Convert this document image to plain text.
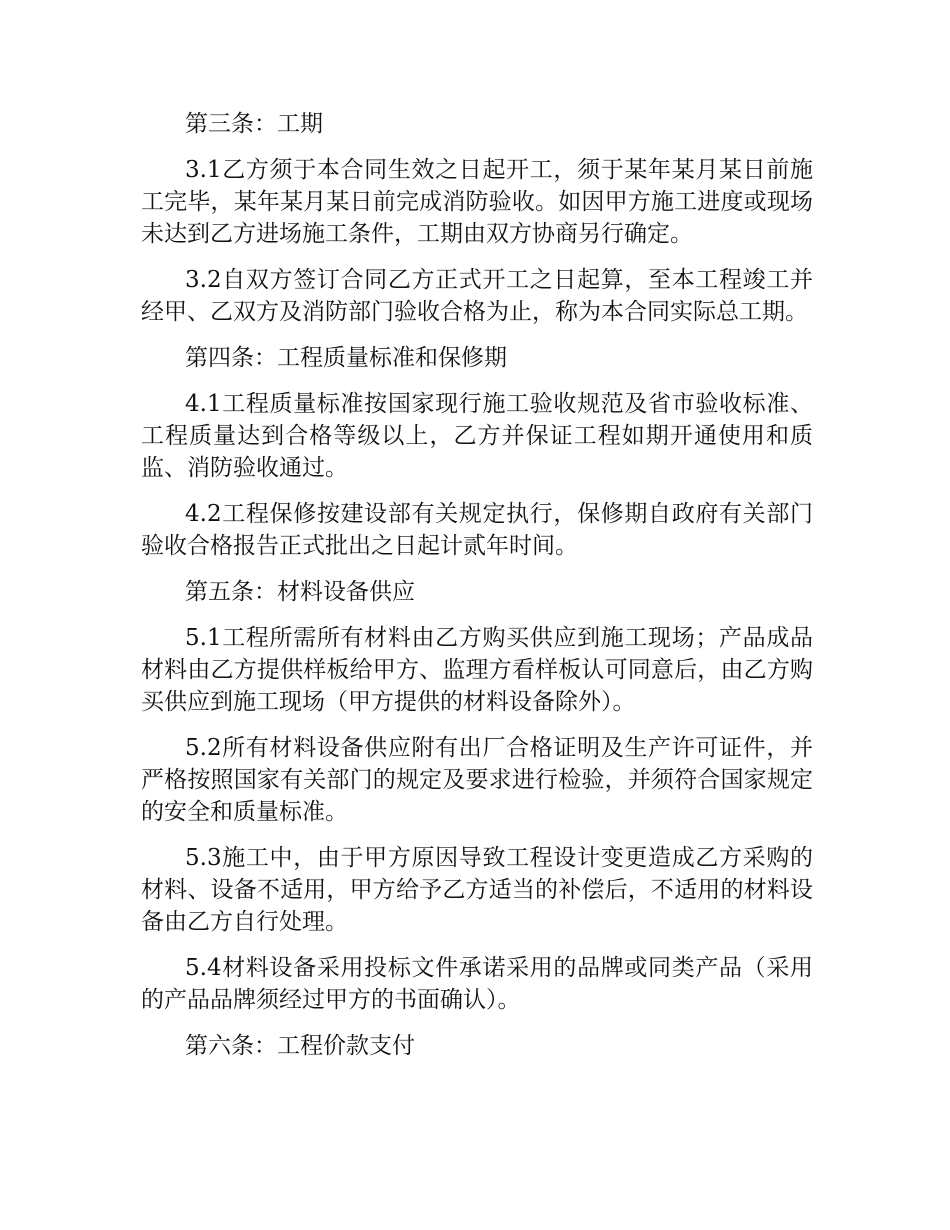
第三条：工期

3.1乙方须于本合同生效之日起开工，须于某年某月某日前施工完毕，某年某月某日前完成消防验收。如因甲方施工进度或现场未达到乙方进场施工条件，工期由双方协商另行确定。

3.2自双方签订合同乙方正式开工之日起算，至本工程竣工并经甲、乙双方及消防部门验收合格为止，称为本合同实际总工期。

第四条：工程质量标准和保修期

4.1工程质量标准按国家现行施工验收规范及省市验收标准、工程质量达到合格等级以上，乙方并保证工程如期开通使用和质监、消防验收通过。

4.2工程保修按建设部有关规定执行，保修期自政府有关部门验收合格报告正式批出之日起计贰年时间。

第五条：材料设备供应

5.1工程所需所有材料由乙方购买供应到施工现场；产品成品材料由乙方提供样板给甲方、监理方看样板认可同意后，由乙方购买供应到施工现场（甲方提供的材料设备除外）。

5.2所有材料设备供应附有出厂合格证明及生产许可证件，并严格按照国家有关部门的规定及要求进行检验，并须符合国家规定的安全和质量标准。

5.3施工中，由于甲方原因导致工程设计变更造成乙方采购的材料、设备不适用，甲方给予乙方适当的补偿后，不适用的材料设备由乙方自行处理。

5.4材料设备采用投标文件承诺采用的品牌或同类产品（采用的产品品牌须经过甲方的书面确认）。

第六条：工程价款支付
